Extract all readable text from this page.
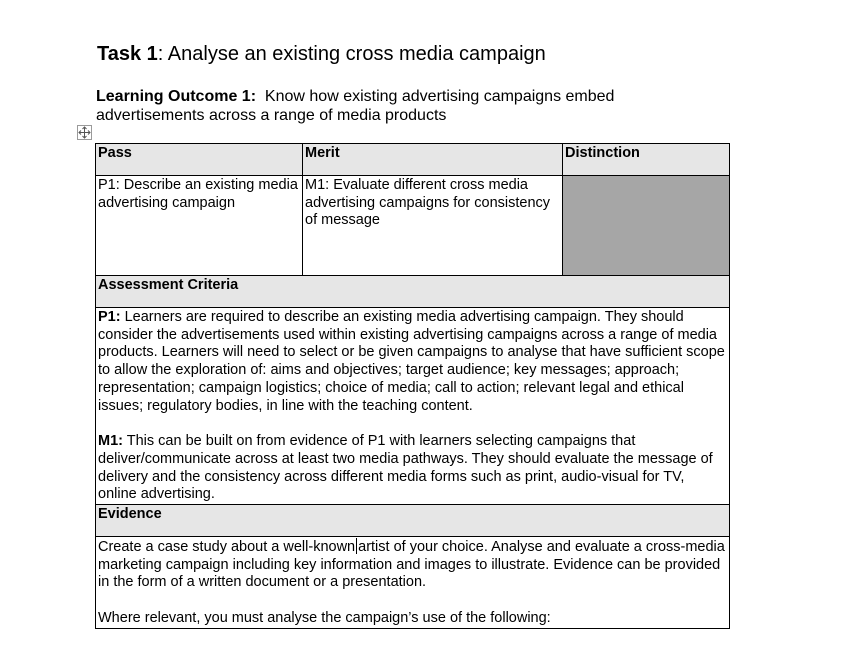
Task 1: Analyse an existing cross media campaign
Learning Outcome 1: Know how existing advertising campaigns embed advertisements across a range of media products
Pass	Merit	Distinction
P1: Describe an existing media advertising campaign	M1: Evaluate different cross media advertising campaigns for consistency of message	
Assessment Criteria		

P1: Learners are required to describe an existing media advertising campaign. They should consider the advertisements used within existing advertising campaigns across a range of media products. Learners will need to select or be given campaigns to analyse that have sufficient scope to allow the exploration of: aims and objectives; target audience; key messages; approach; representation; campaign logistics; choice of media; call to action; relevant legal and ethical issues; regulatory bodies, in line with the teaching content.
M1: This can be built on from evidence of P1 with learners selecting campaigns that deliver/communicate across at least two media pathways. They should evaluate the message of delivery and the consistency across different media forms such as print, audio-visual for TV, online advertising.		

Evidence		

Create a case study about a well-known artist of your choice. Analyse and evaluate a cross-media marketing campaign including key information and images to illustrate. Evidence can be provided in the form of a written document or a presentation.
Where relevant, you must analyse the campaign’s use of the following:		
